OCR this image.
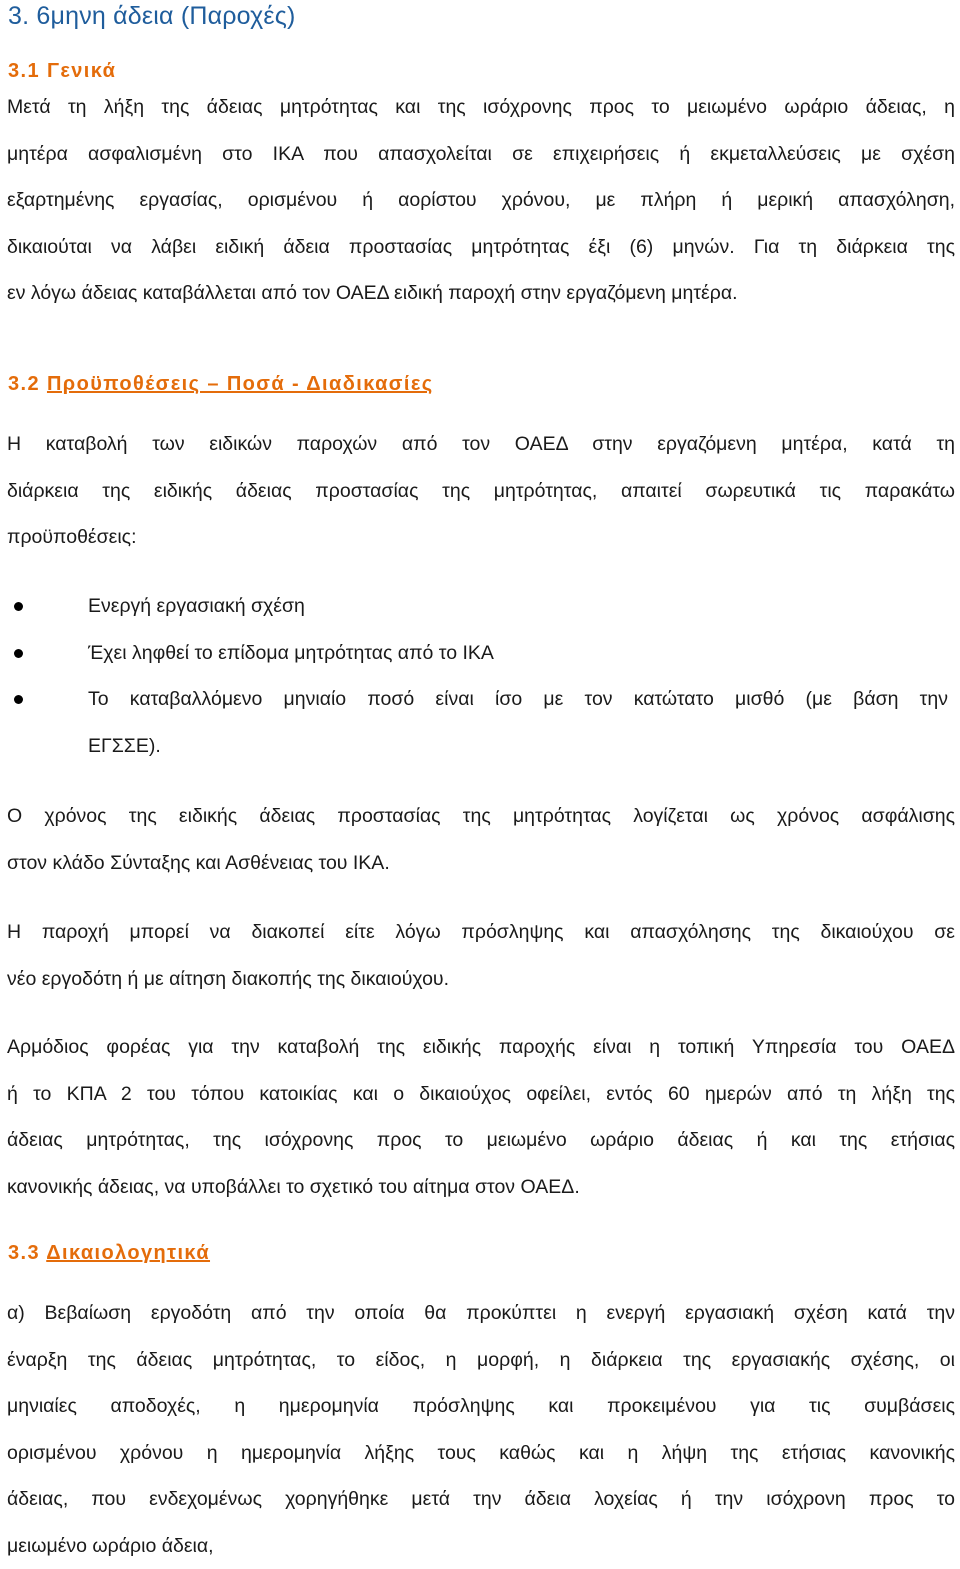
3. 6μηνη άδεια (Παροχές)
3.1 Γενικά
Μετά τη λήξη της άδειας μητρότητας και της ισόχρονης προς το μειωμένο ωράριο άδειας, η
μητέρα ασφαλισμένη στο ΙΚΑ που απασχολείται σε επιχειρήσεις ή εκμεταλλεύσεις με σχέση
εξαρτημένης εργασίας, ορισμένου ή αορίστου χρόνου, με πλήρη ή μερική απασχόληση,
δικαιούται να λάβει ειδική άδεια προστασίας μητρότητας έξι (6) μηνών. Για τη διάρκεια της
εν λόγω άδειας καταβάλλεται από τον ΟΑΕΔ ειδική παροχή στην εργαζόμενη μητέρα.
3.2 Προϋποθέσεις – Ποσά - Διαδικασίες
Η καταβολή των ειδικών παροχών από τον ΟΑΕΔ στην εργαζόμενη μητέρα, κατά τη
διάρκεια της ειδικής άδειας προστασίας της μητρότητας, απαιτεί σωρευτικά τις παρακάτω
προϋποθέσεις:
Ενεργή εργασιακή σχέση
Έχει ληφθεί το επίδομα μητρότητας από το ΙΚΑ
Το καταβαλλόμενο μηνιαίο ποσό είναι ίσο με τον κατώτατο μισθό (με βάση την
ΕΓΣΣΕ).
Ο χρόνος της ειδικής άδειας προστασίας της μητρότητας λογίζεται ως χρόνος ασφάλισης
στον κλάδο Σύνταξης και Ασθένειας του ΙΚΑ.
Η παροχή μπορεί να διακοπεί είτε λόγω πρόσληψης και απασχόλησης της δικαιούχου σε
νέο εργοδότη ή με αίτηση διακοπής της δικαιούχου.
Αρμόδιος φορέας για την καταβολή της ειδικής παροχής είναι η τοπική Υπηρεσία του ΟΑΕΔ
ή το ΚΠΑ 2 του τόπου κατοικίας και ο δικαιούχος οφείλει, εντός 60 ημερών από τη λήξη της
άδειας μητρότητας, της ισόχρονης προς το μειωμένο ωράριο άδειας ή και της ετήσιας
κανονικής άδειας, να υποβάλλει το σχετικό του αίτημα στον ΟΑΕΔ.
3.3 Δικαιολογητικά
α) Βεβαίωση εργοδότη από την οποία θα προκύπτει η ενεργή εργασιακή σχέση κατά την
έναρξη της άδειας μητρότητας, το είδος, η μορφή, η διάρκεια της εργασιακής σχέσης, οι
μηνιαίες αποδοχές, η ημερομηνία πρόσληψης και προκειμένου για τις συμβάσεις
ορισμένου χρόνου η ημερομηνία λήξης τους καθώς και η λήψη της ετήσιας κανονικής
άδειας, που ενδεχομένως χορηγήθηκε μετά την άδεια λοχείας ή την ισόχρονη προς το
μειωμένο ωράριο άδεια,
